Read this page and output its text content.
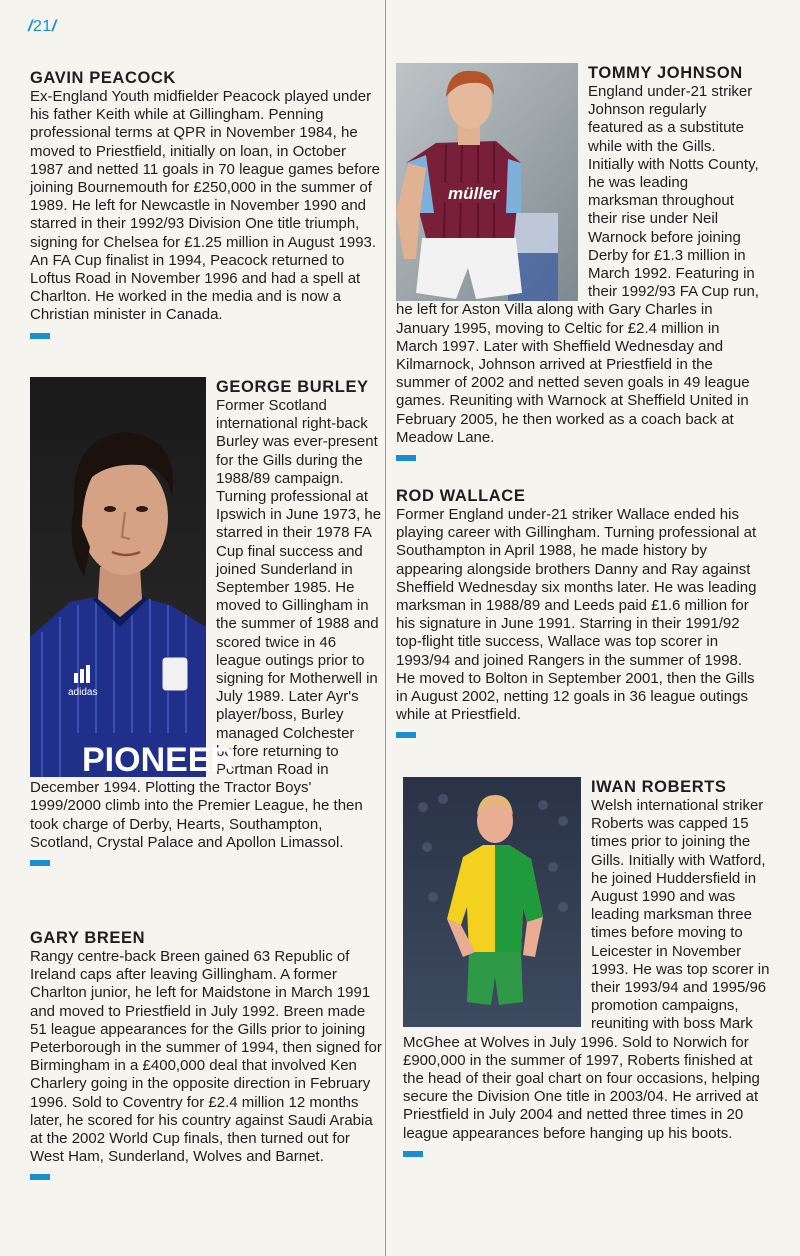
/21/

GAVIN PEACOCK

Ex-England Youth midfielder Peacock played under his father Keith while at Gillingham. Penning professional terms at QPR in November 1984, he moved to Priestfield, initially on loan, in October 1987 and netted 11 goals in 70 league games before joining Bournemouth for £250,000 in the summer of 1989. He left for Newcastle in November 1990 and starred in their 1992/93 Division One title triumph, signing for Chelsea for £1.25 million in August 1993. An FA Cup finalist in 1994, Peacock returned to Loftus Road in November 1996 and had a spell at Charlton. He worked in the media and is now a Christian minister in Canada.

adidas
PIONEER

GEORGE BURLEY

Former Scotland international right-back Burley was ever-present for the Gills during the 1988/89 campaign. Turning professional at Ipswich in June 1973, he starred in their 1978 FA Cup final success and joined Sunderland in September 1985. He moved to Gillingham in the summer of 1988 and scored twice in 46 league outings prior to signing for Motherwell in July 1989. Later Ayr's player/boss, Burley managed Colchester before returning to Portman Road in December 1994. Plotting the Tractor Boys' 1999/2000 climb into the Premier League, he then took charge of Derby, Hearts, Southampton, Scotland, Crystal Palace and Apollon Limassol.

GARY BREEN

Rangy centre-back Breen gained 63 Republic of Ireland caps after leaving Gillingham. A former Charlton junior, he left for Maidstone in March 1991 and moved to Priestfield in July 1992. Breen made 51 league appearances for the Gills prior to joining Peterborough in the summer of 1994, then signed for Birmingham in a £400,000 deal that involved Ken Charlery going in the opposite direction in February 1996. Sold to Coventry for £2.4 million 12 months later, he scored for his country against Saudi Arabia at the 2002 World Cup finals, then turned out for West Ham, Sunderland, Wolves and Barnet.

müller

TOMMY JOHNSON

England under-21 striker Johnson regularly featured as a substitute while with the Gills. Initially with Notts County, he was leading marksman throughout their rise under Neil Warnock before joining Derby for £1.3 million in March 1992. Featuring in their 1992/93 FA Cup run, he left for Aston Villa along with Gary Charles in January 1995, moving to Celtic for £2.4 million in March 1997. Later with Sheffield Wednesday and Kilmarnock, Johnson arrived at Priestfield in the summer of 2002 and netted seven goals in 49 league games. Reuniting with Warnock at Sheffield United in February 2005, he then worked as a coach back at Meadow Lane.

ROD WALLACE

Former England under-21 striker Wallace ended his playing career with Gillingham. Turning professional at Southampton in April 1988, he made history by appearing alongside brothers Danny and Ray against Sheffield Wednesday six months later. He was leading marksman in 1988/89 and Leeds paid £1.6 million for his signature in June 1991. Starring in their 1991/92 top-flight title success, Wallace was top scorer in 1993/94 and joined Rangers in the summer of 1998. He moved to Bolton in September 2001, then the Gills in August 2002, netting 12 goals in 36 league outings while at Priestfield.

IWAN ROBERTS

Welsh international striker Roberts was capped 15 times prior to joining the Gills. Initially with Watford, he joined Huddersfield in August 1990 and was leading marksman three times before moving to Leicester in November 1993. He was top scorer in their 1993/94 and 1995/96 promotion campaigns, reuniting with boss Mark McGhee at Wolves in July 1996. Sold to Norwich for £900,000 in the summer of 1997, Roberts finished at the head of their goal chart on four occasions, helping secure the Division One title in 2003/04. He arrived at Priestfield in July 2004 and netted three times in 20 league appearances before hanging up his boots.
